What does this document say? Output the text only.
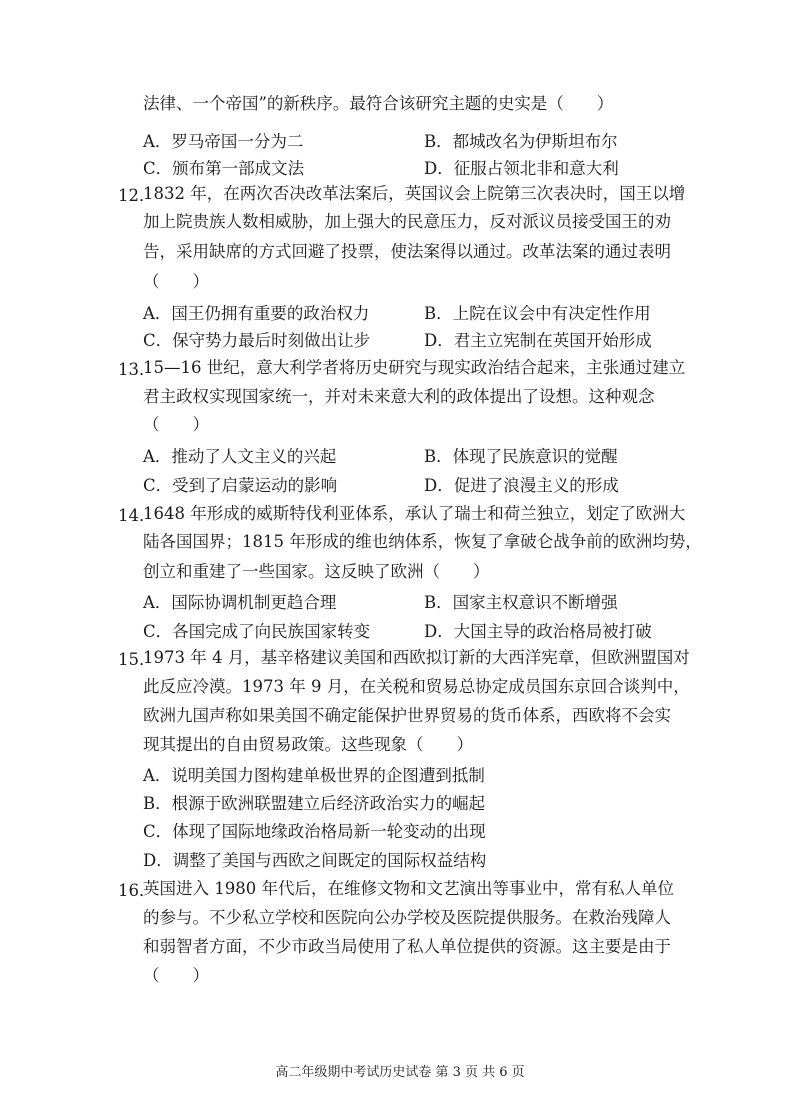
法律、一个帝国”的新秩序。最符合该研究主题的史实是（　　）
A．罗马帝国一分为二	B．都城改名为伊斯坦布尔
C．颁布第一部成文法	D．征服占领北非和意大利
12．
1832 年，在两次否决改革法案后，英国议会上院第三次表决时，国王以增
加上院贵族人数相威胁，加上强大的民意压力，反对派议员接受国王的劝
告，采用缺席的方式回避了投票，使法案得以通过。改革法案的通过表明
（　　）
A．国王仍拥有重要的政治权力	B．上院在议会中有决定性作用
C．保守势力最后时刻做出让步	D．君主立宪制在英国开始形成
13．
15—16 世纪，意大利学者将历史研究与现实政治结合起来，主张通过建立
君主政权实现国家统一，并对未来意大利的政体提出了设想。这种观念
（　　）
A．推动了人文主义的兴起	B．体现了民族意识的觉醒
C．受到了启蒙运动的影响	D．促进了浪漫主义的形成
14．
1648 年形成的威斯特伐利亚体系，承认了瑞士和荷兰独立，划定了欧洲大
陆各国国界；1815 年形成的维也纳体系，恢复了拿破仑战争前的欧洲均势，
创立和重建了一些国家。这反映了欧洲（　　）
A．国际协调机制更趋合理	B．国家主权意识不断增强
C．各国完成了向民族国家转变	D．大国主导的政治格局被打破
15．
1973 年 4 月，基辛格建议美国和西欧拟订新的大西洋宪章，但欧洲盟国对
此反应冷漠。1973 年 9 月，在关税和贸易总协定成员国东京回合谈判中，
欧洲九国声称如果美国不确定能保护世界贸易的货币体系，西欧将不会实
现其提出的自由贸易政策。这些现象（　　）
A．说明美国力图构建单极世界的企图遭到抵制
B．根源于欧洲联盟建立后经济政治实力的崛起
C．体现了国际地缘政治格局新一轮变动的出现
D．调整了美国与西欧之间既定的国际权益结构
16．
英国进入 1980 年代后，在维修文物和文艺演出等事业中，常有私人单位
的参与。不少私立学校和医院向公办学校及医院提供服务。在救治残障人
和弱智者方面，不少市政当局使用了私人单位提供的资源。这主要是由于
（　　）
高二年级期中考试历史试卷 第 3 页 共 6 页
